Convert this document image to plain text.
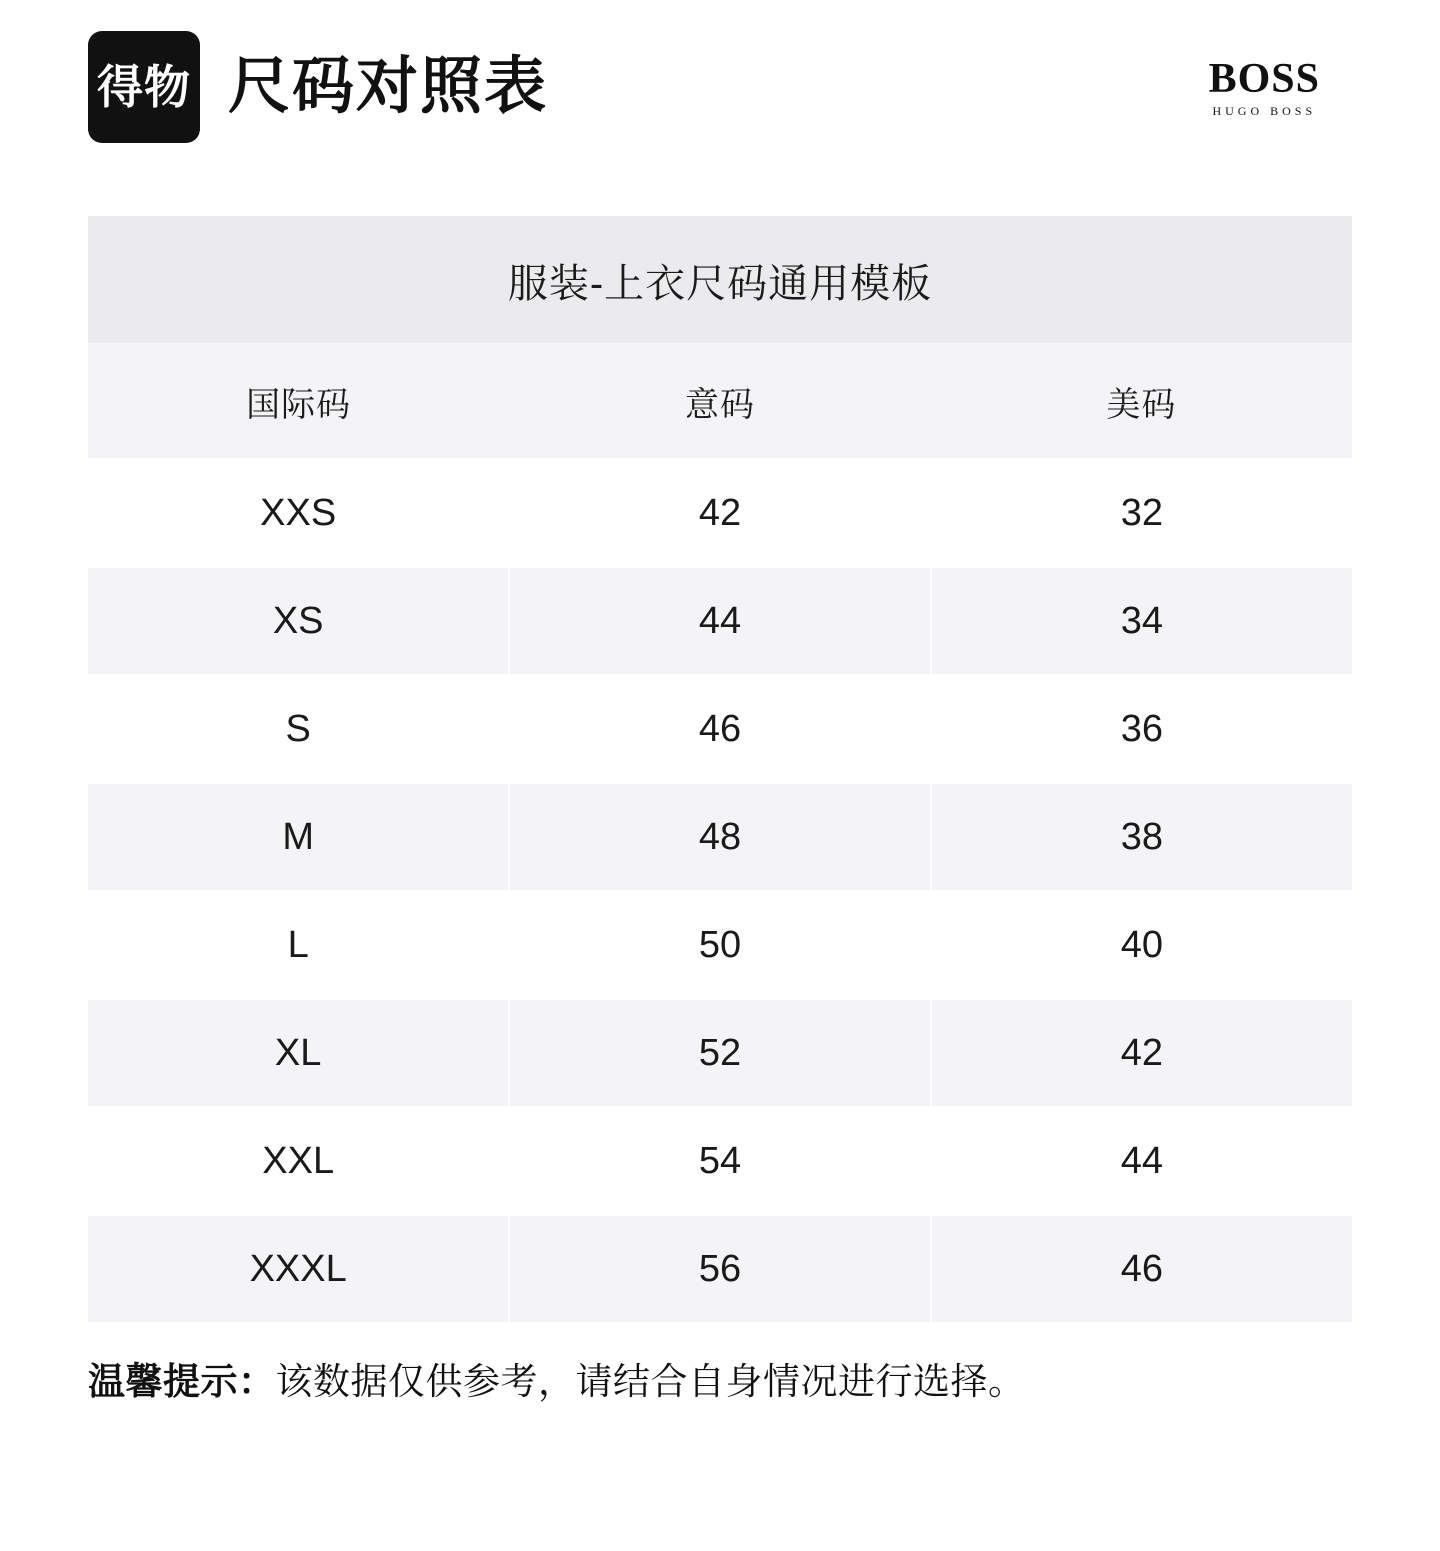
得物 尺码对照表	BOSS
HUGO BOSS
服装-上衣尺码通用模板
国际码	意码	美码
XXS	42	32
XS	44	34
S	46	36
M	48	38
L	50	40
XL	52	42
XXL	54	44
XXXL	56	46
温馨提示：该数据仅供参考，请结合自身情况进行选择。
